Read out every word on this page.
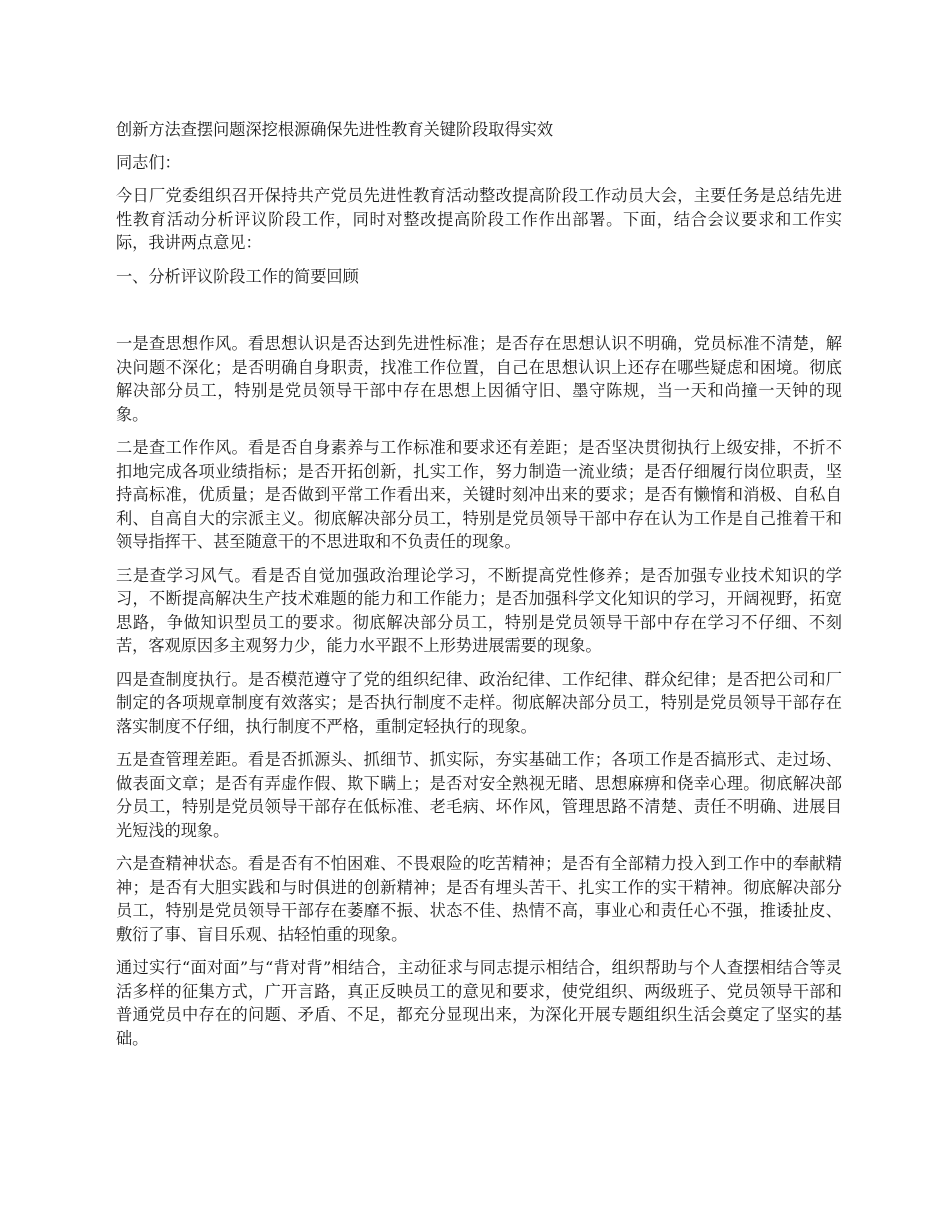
创新方法查摆问题深挖根源确保先进性教育关键阶段取得实效

同志们：

今日厂党委组织召开保持共产党员先进性教育活动整改提高阶段工作动员大会，主要任务是总结先进性教育活动分析评议阶段工作，同时对整改提高阶段工作作出部署。下面，结合会议要求和工作实际，我讲两点意见：

一、分析评议阶段工作的简要回顾

一是查思想作风。看思想认识是否达到先进性标准；是否存在思想认识不明确，党员标准不清楚，解决问题不深化；是否明确自身职责，找准工作位置，自己在思想认识上还存在哪些疑虑和困境。彻底解决部分员工，特别是党员领导干部中存在思想上因循守旧、墨守陈规，当一天和尚撞一天钟的现象。

二是查工作作风。看是否自身素养与工作标准和要求还有差距；是否坚决贯彻执行上级安排，不折不扣地完成各项业绩指标；是否开拓创新，扎实工作，努力制造一流业绩；是否仔细履行岗位职责，坚持高标准，优质量；是否做到平常工作看出来，关键时刻冲出来的要求；是否有懒惰和消极、自私自利、自高自大的宗派主义。彻底解决部分员工，特别是党员领导干部中存在认为工作是自己推着干和领导指挥干、甚至随意干的不思进取和不负责任的现象。

三是查学习风气。看是否自觉加强政治理论学习，不断提高党性修养；是否加强专业技术知识的学习，不断提高解决生产技术难题的能力和工作能力；是否加强科学文化知识的学习，开阔视野，拓宽思路，争做知识型员工的要求。彻底解决部分员工，特别是党员领导干部中存在学习不仔细、不刻苦，客观原因多主观努力少，能力水平跟不上形势进展需要的现象。

四是查制度执行。是否模范遵守了党的组织纪律、政治纪律、工作纪律、群众纪律；是否把公司和厂制定的各项规章制度有效落实；是否执行制度不走样。彻底解决部分员工，特别是党员领导干部存在落实制度不仔细，执行制度不严格，重制定轻执行的现象。

五是查管理差距。看是否抓源头、抓细节、抓实际，夯实基础工作；各项工作是否搞形式、走过场、做表面文章；是否有弄虚作假、欺下瞒上；是否对安全熟视无睹、思想麻痹和侥幸心理。彻底解决部分员工，特别是党员领导干部存在低标准、老毛病、坏作风，管理思路不清楚、责任不明确、进展目光短浅的现象。

六是查精神状态。看是否有不怕困难、不畏艰险的吃苦精神；是否有全部精力投入到工作中的奉献精神；是否有大胆实践和与时俱进的创新精神；是否有埋头苦干、扎实工作的实干精神。彻底解决部分员工，特别是党员领导干部存在萎靡不振、状态不佳、热情不高，事业心和责任心不强，推诿扯皮、敷衍了事、盲目乐观、拈轻怕重的现象。

通过实行“面对面”与“背对背”相结合，主动征求与同志提示相结合，组织帮助与个人查摆相结合等灵活多样的征集方式，广开言路，真正反映员工的意见和要求，使党组织、两级班子、党员领导干部和普通党员中存在的问题、矛盾、不足，都充分显现出来，为深化开展专题组织生活会奠定了坚实的基础。
